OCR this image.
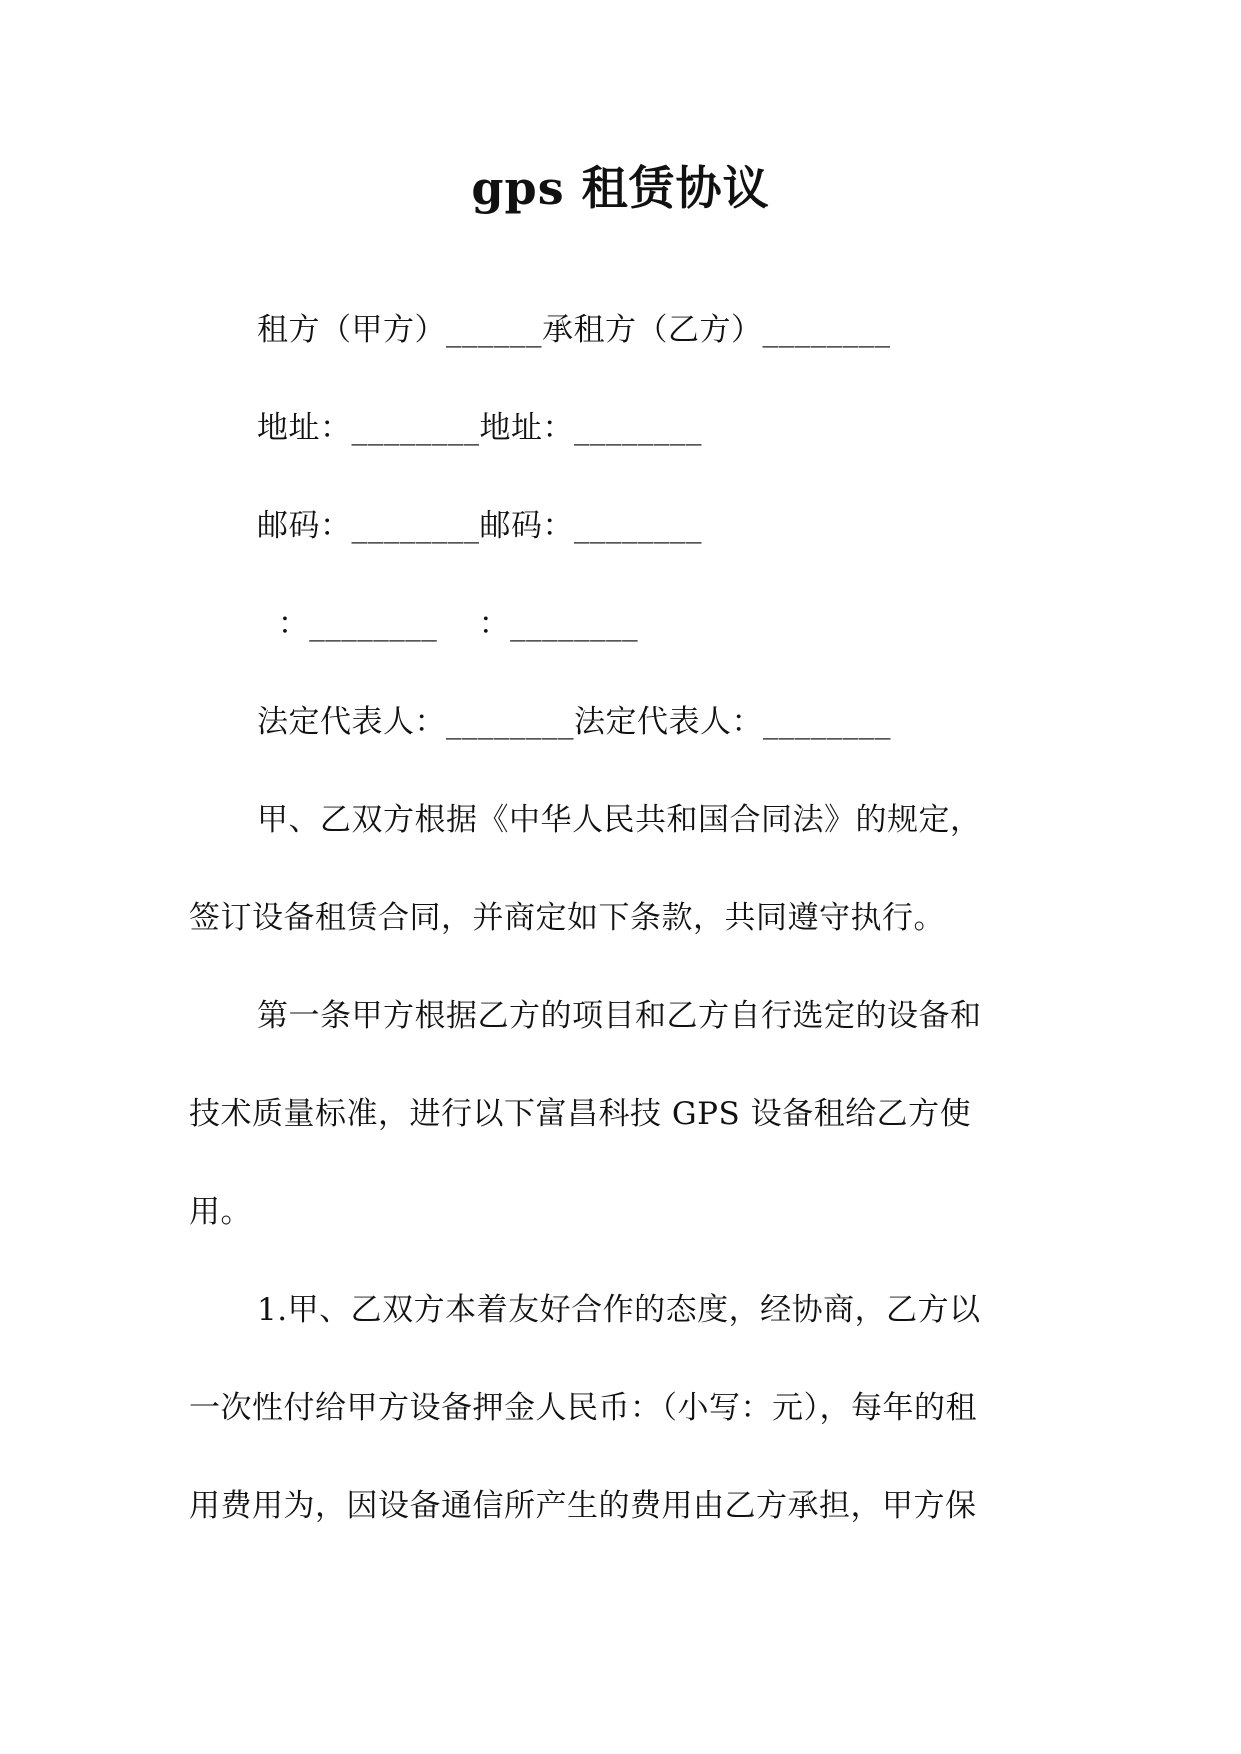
gps 租赁协议
租方（甲方）______承租方（乙方）________
地址：________地址：________
邮码：________邮码：________
：________    ：________
法定代表人：________法定代表人：________
甲、乙双方根据《中华人民共和国合同法》的规定，
签订设备租赁合同，并商定如下条款，共同遵守执行。
第一条甲方根据乙方的项目和乙方自行选定的设备和
技术质量标准，进行以下富昌科技 GPS 设备租给乙方使
用。
1.甲、乙双方本着友好合作的态度，经协商，乙方以
一次性付给甲方设备押金人民币：（小写：元），每年的租
用费用为，因设备通信所产生的费用由乙方承担，甲方保
